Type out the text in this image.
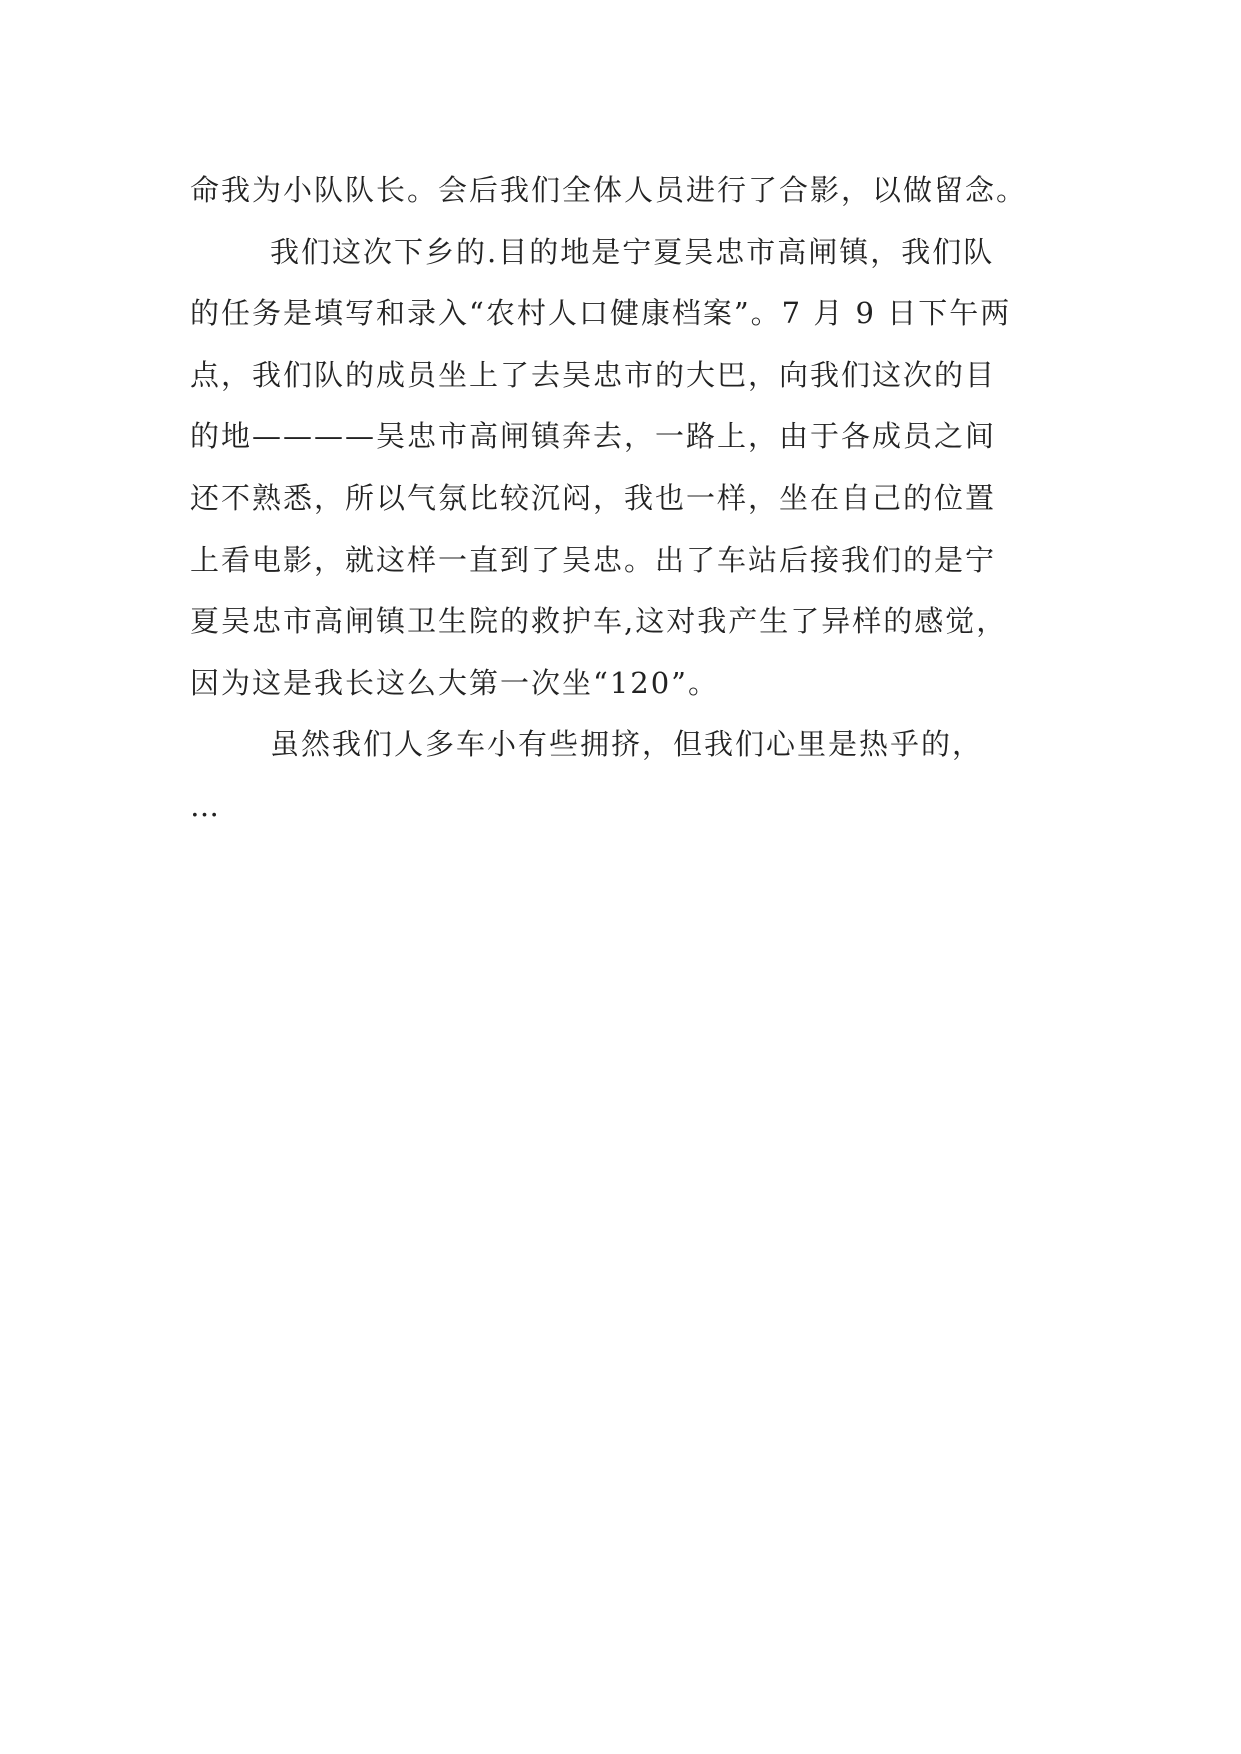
命我为小队队长。会后我们全体人员进行了合影，以做留念。
我们这次下乡的.目的地是宁夏吴忠市高闸镇，我们队
的任务是填写和录入“农村人口健康档案”。7 月 9 日下午两
点，我们队的成员坐上了去吴忠市的大巴，向我们这次的目
的地————吴忠市高闸镇奔去，一路上，由于各成员之间
还不熟悉，所以气氛比较沉闷，我也一样，坐在自己的位置
上看电影，就这样一直到了吴忠。出了车站后接我们的是宁
夏吴忠市高闸镇卫生院的救护车,这对我产生了异样的感觉，
因为这是我长这么大第一次坐“120”。
虽然我们人多车小有些拥挤，但我们心里是热乎的，
…
